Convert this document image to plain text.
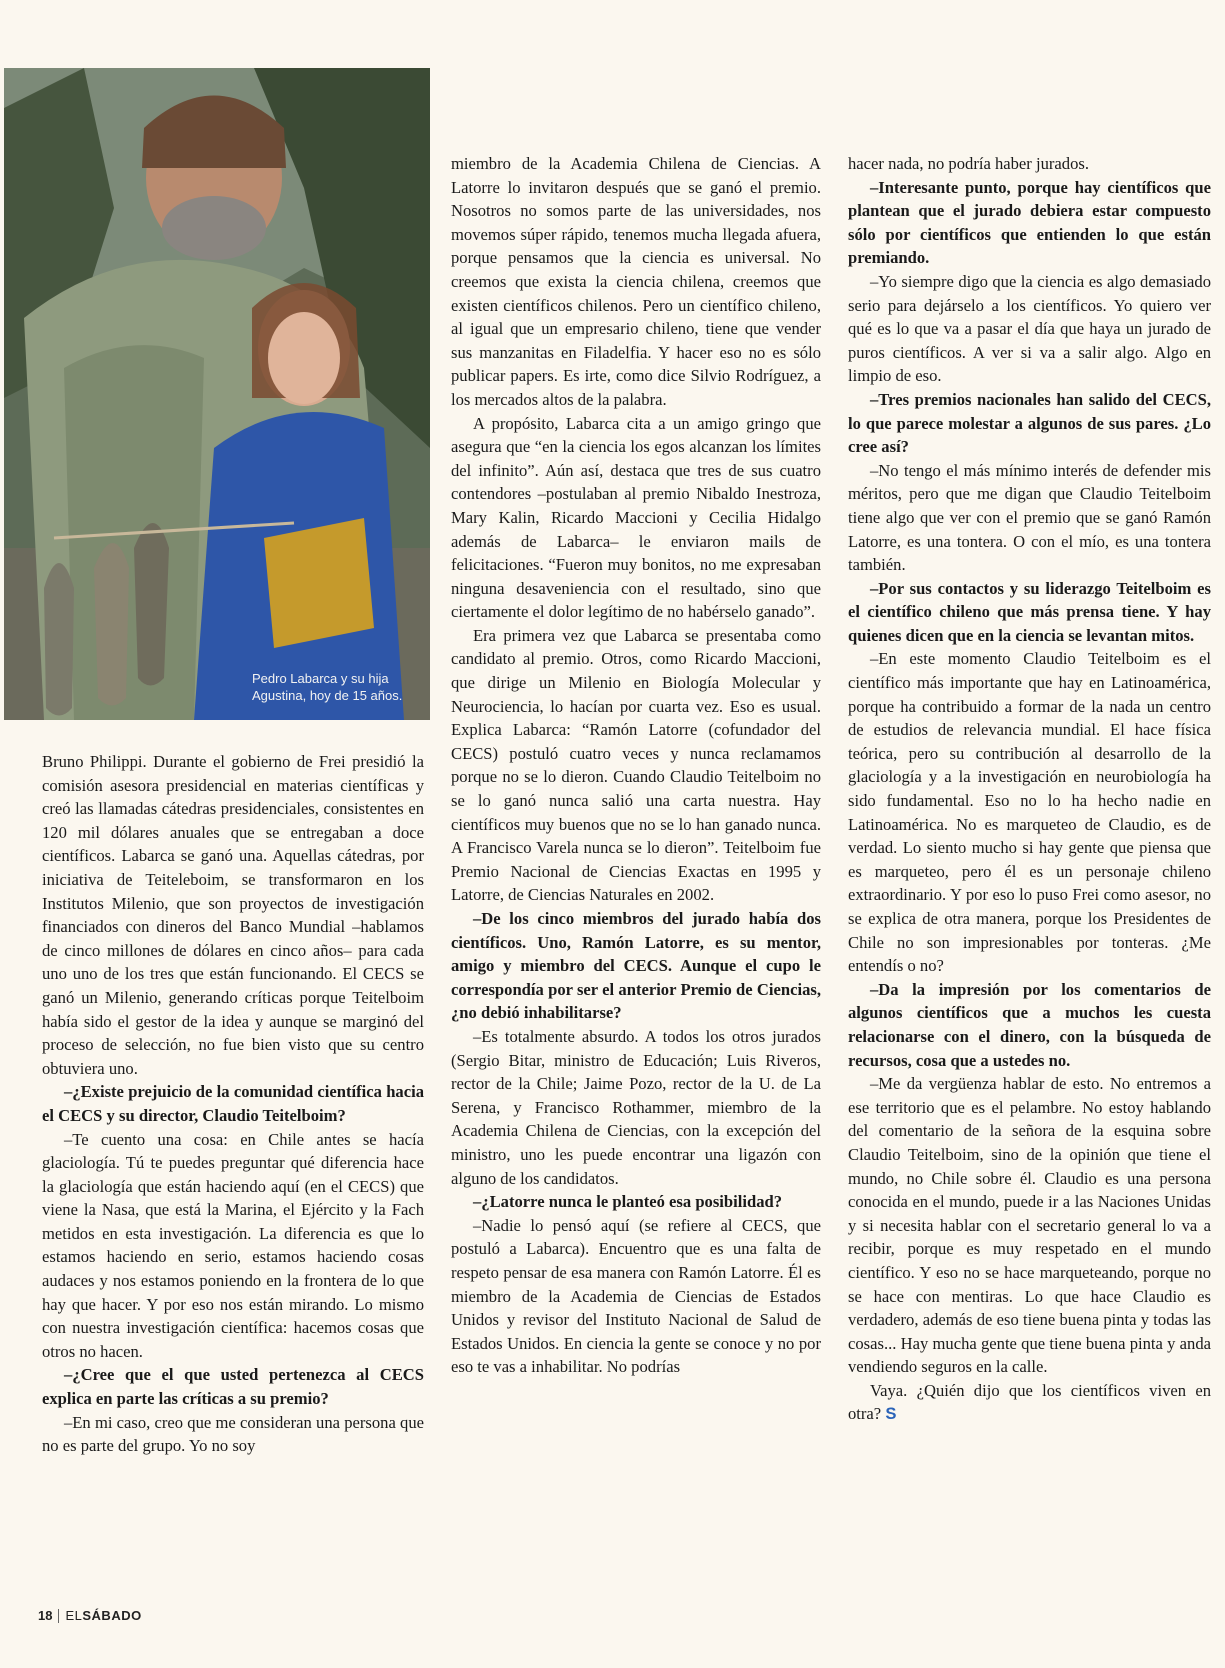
Pedro Labarca y su hija
Agustina, hoy de 15 años.

Bruno Philippi. Durante el gobierno de Frei presidió la comisión asesora presidencial en materias científicas y creó las llamadas cátedras presidenciales, consistentes en 120 mil dólares anuales que se entregaban a doce científicos. Labarca se ganó una. Aquellas cátedras, por iniciativa de Teiteleboim, se transformaron en los Institutos Milenio, que son proyectos de investigación financiados con dineros del Banco Mundial –hablamos de cinco millones de dólares en cinco años– para cada uno uno de los tres que están funcionando. El CECS se ganó un Milenio, generando críticas porque Teitelboim había sido el gestor de la idea y aunque se marginó del proceso de selección, no fue bien visto que su centro obtuviera uno.

–¿Existe prejuicio de la comunidad científica hacia el CECS y su director, Claudio Teitelboim?

–Te cuento una cosa: en Chile antes se hacía glaciología. Tú te puedes preguntar qué diferencia hace la glaciología que están haciendo aquí (en el CECS) que viene la Nasa, que está la Marina, el Ejército y la Fach metidos en esta investigación. La diferencia es que lo estamos haciendo en serio, estamos haciendo cosas audaces y nos estamos poniendo en la frontera de lo que hay que hacer. Y por eso nos están mirando. Lo mismo con nuestra investigación científica: hacemos cosas que otros no hacen.

–¿Cree que el que usted pertenezca al CECS explica en parte las críticas a su premio?

–En mi caso, creo que me consideran una persona que no es parte del grupo. Yo no soy

miembro de la Academia Chilena de Ciencias. A Latorre lo invitaron después que se ganó el premio. Nosotros no somos parte de las universidades, nos movemos súper rápido, tenemos mucha llegada afuera, porque pensamos que la ciencia es universal. No creemos que exista la ciencia chilena, creemos que existen científicos chilenos. Pero un científico chileno, al igual que un empresario chileno, tiene que vender sus manzanitas en Filadelfia. Y hacer eso no es sólo publicar papers. Es irte, como dice Silvio Rodríguez, a los mercados altos de la palabra.

A propósito, Labarca cita a un amigo gringo que asegura que “en la ciencia los egos alcanzan los límites del infinito”. Aún así, destaca que tres de sus cuatro contendores –postulaban al premio Nibaldo Inestroza, Mary Kalin, Ricardo Maccioni y Cecilia Hidalgo además de Labarca– le enviaron mails de felicitaciones. “Fueron muy bonitos, no me expresaban ninguna desaveniencia con el resultado, sino que ciertamente el dolor legítimo de no habérselo ganado”.

Era primera vez que Labarca se presentaba como candidato al premio. Otros, como Ricardo Maccioni, que dirige un Milenio en Biología Molecular y Neurociencia, lo hacían por cuarta vez. Eso es usual. Explica Labarca: “Ramón Latorre (cofundador del CECS) postuló cuatro veces y nunca reclamamos porque no se lo dieron. Cuando Claudio Teitelboim no se lo ganó nunca salió una carta nuestra. Hay científicos muy buenos que no se lo han ganado nunca. A Francisco Varela nunca se lo dieron”. Teitelboim fue Premio Nacional de Ciencias Exactas en 1995 y Latorre, de Ciencias Naturales en 2002.

–De los cinco miembros del jurado había dos científicos. Uno, Ramón Latorre, es su mentor, amigo y miembro del CECS. Aunque el cupo le correspondía por ser el anterior Premio de Ciencias, ¿no debió inhabilitarse?

–Es totalmente absurdo. A todos los otros jurados (Sergio Bitar, ministro de Educación; Luis Riveros, rector de la Chile; Jaime Pozo, rector de la U. de La Serena, y Francisco Rothammer, miembro de la Academia Chilena de Ciencias, con la excepción del ministro, uno les puede encontrar una ligazón con alguno de los candidatos.

–¿Latorre nunca le planteó esa posibilidad?

–Nadie lo pensó aquí (se refiere al CECS, que postuló a Labarca). Encuentro que es una falta de respeto pensar de esa manera con Ramón Latorre. Él es miembro de la Academia de Ciencias de Estados Unidos y revisor del Instituto Nacional de Salud de Estados Unidos. En ciencia la gente se conoce y no por eso te vas a inhabilitar. No podrías

hacer nada, no podría haber jurados.

–Interesante punto, porque hay científicos que plantean que el jurado debiera estar compuesto sólo por científicos que entienden lo que están premiando.

–Yo siempre digo que la ciencia es algo demasiado serio para dejárselo a los científicos. Yo quiero ver qué es lo que va a pasar el día que haya un jurado de puros científicos. A ver si va a salir algo. Algo en limpio de eso.

–Tres premios nacionales han salido del CECS, lo que parece molestar a algunos de sus pares. ¿Lo cree así?

–No tengo el más mínimo interés de defender mis méritos, pero que me digan que Claudio Teitelboim tiene algo que ver con el premio que se ganó Ramón Latorre, es una tontera. O con el mío, es una tontera también.

–Por sus contactos y su liderazgo Teitelboim es el científico chileno que más prensa tiene. Y hay quienes dicen que en la ciencia se levantan mitos.

–En este momento Claudio Teitelboim es el científico más importante que hay en Latinoamérica, porque ha contribuido a formar de la nada un centro de estudios de relevancia mundial. El hace física teórica, pero su contribución al desarrollo de la glaciología y a la investigación en neurobiología ha sido fundamental. Eso no lo ha hecho nadie en Latinoamérica. No es marqueteo de Claudio, es de verdad. Lo siento mucho si hay gente que piensa que es marqueteo, pero él es un personaje chileno extraordinario. Y por eso lo puso Frei como asesor, no se explica de otra manera, porque los Presidentes de Chile no son impresionables por tonteras. ¿Me entendís o no?

–Da la impresión por los comentarios de algunos científicos que a muchos les cuesta relacionarse con el dinero, con la búsqueda de recursos, cosa que a ustedes no.

–Me da vergüenza hablar de esto. No entremos a ese territorio que es el pelambre. No estoy hablando del comentario de la señora de la esquina sobre Claudio Teitelboim, sino de la opinión que tiene el mundo, no Chile sobre él. Claudio es una persona conocida en el mundo, puede ir a las Naciones Unidas y si necesita hablar con el secretario general lo va a recibir, porque es muy respetado en el mundo científico. Y eso no se hace marqueteando, porque no se hace con mentiras. Lo que hace Claudio es verdadero, además de eso tiene buena pinta y todas las cosas... Hay mucha gente que tiene buena pinta y anda vendiendo seguros en la calle.

Vaya. ¿Quién dijo que los científicos viven en otra? S

18 ELSÁBADO
